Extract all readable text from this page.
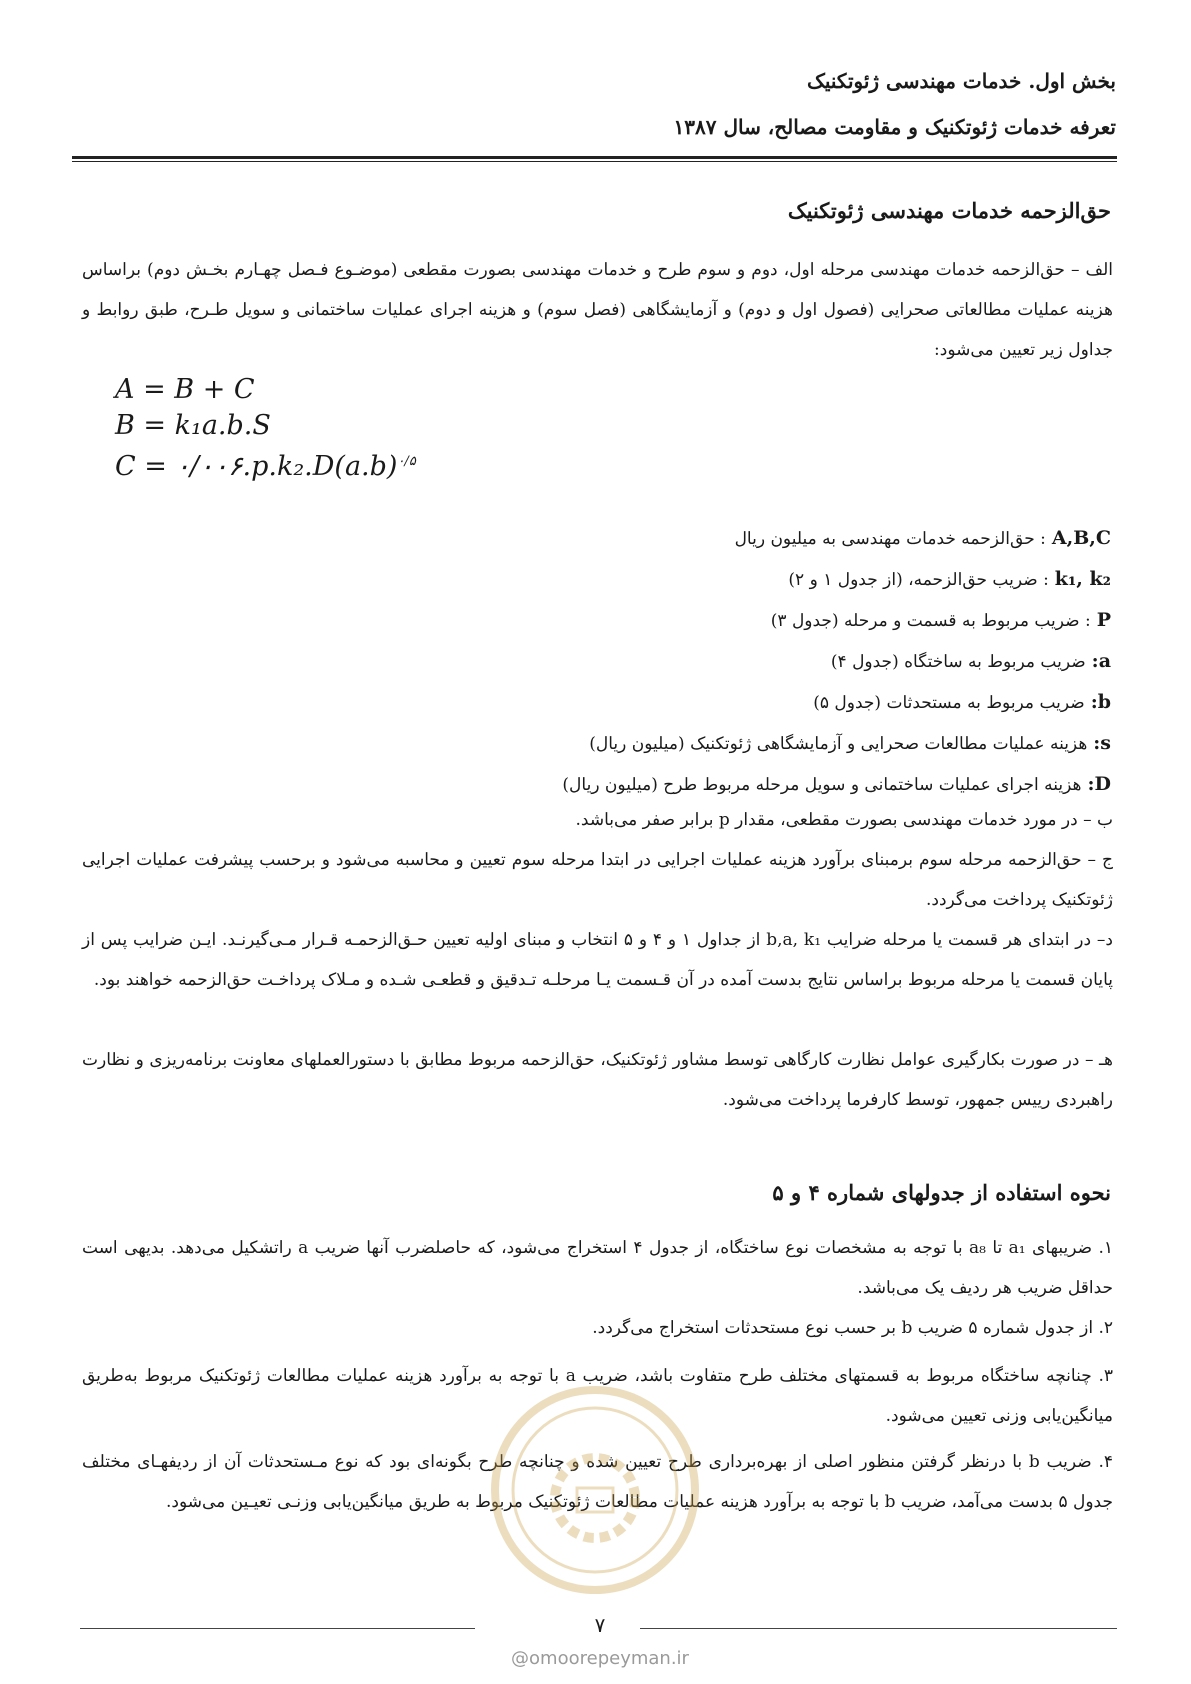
بخش اول. خدمات مهندسی ژئوتکنیک
تعرفه خدمات ژئوتکنیک و مقاومت مصالح، سال ۱۳۸۷
حق‌الزحمه خدمات مهندسی ژئوتکنیک
الف – حق‌الزحمه خدمات مهندسی مرحله اول، دوم و سوم طرح و خدمات مهندسی بصورت مقطعی (موضـوع فـصل چهـارم بخـش دوم) براساس هزینه عملیات مطالعاتی صحرایی (فصول اول و دوم) و آزمایشگاهی (فصل سوم) و هزینه اجرای عملیات ساختمانی و سویل طـرح، طبق روابط و جداول زیر تعیین می‌شود:
A = B + C
B = k₁a.b.S
$C = ۰/۰۰۶.p.k_2.D(a.b)^{۰/۵}$
A,B,C: حق‌الزحمه خدمات مهندسی به میلیون ریال
k₁, k₂: ضریب حق‌الزحمه، (از جدول ۱ و ۲)
P: ضریب مربوط به قسمت و مرحله (جدول ۳)
a:ضریب مربوط به ساختگاه (جدول ۴)
b:ضریب مربوط به مستحدثات (جدول ۵)
s:هزینه عملیات مطالعات صحرایی و آزمایشگاهی ژئوتکنیک (میلیون ریال)
D:هزینه اجرای عملیات ساختمانی و سویل مرحله مربوط طرح (میلیون ریال)
ب – در مورد خدمات مهندسی بصورت مقطعی، مقدار p برابر صفر می‌باشد.
ج – حق‌الزحمه مرحله سوم برمبنای برآورد هزینه عملیات اجرایی در ابتدا مرحله سوم تعیین و محاسبه می‌شود و برحسب پیشرفت عملیات اجرایی ژئوتکنیک پرداخت می‌گردد.
د– در ابتدای هر قسمت یا مرحله ضرایب b,a, k₁ از جداول ۱ و ۴ و ۵ انتخاب و مبنای اولیه تعیین حـق‌الزحمـه قـرار مـی‌گیرنـد. ایـن ضرایب پس از پایان قسمت یا مرحله مربوط براساس نتایج بدست آمده در آن قـسمت یـا مرحلـه تـدقیق و قطعـی شـده و مـلاک پرداخـت حق‌الزحمه خواهند بود.
هـ – در صورت بکارگیری عوامل نظارت کارگاهی توسط مشاور ژئوتکنیک، حق‌الزحمه مربوط مطابق با دستورالعملهای معاونت برنامه‌ریزی و نظارت راهبردی رییس جمهور، توسط کارفرما پرداخت می‌شود.
نحوه استفاده از جدولهای شماره ۴ و ۵
۱. ضریبهای a₁ تا a₈ با توجه به مشخصات نوع ساختگاه، از جدول ۴ استخراج می‌شود، که حاصلضرب آنها ضریب a راتشکیل می‌دهد. بدیهی است حداقل ضریب هر ردیف یک می‌باشد.
۲. از جدول شماره ۵ ضریب b بر حسب نوع مستحدثات استخراج می‌گردد.
۳. چنانچه ساختگاه مربوط به قسمتهای مختلف طرح متفاوت باشد، ضریب a با توجه به برآورد هزینه عملیات مطالعات ژئوتکنیک مربوط به‌طریق میانگین‌یابی وزنی تعیین می‌شود.
۴. ضریب b با درنظر گرفتن منظور اصلی از بهره‌برداری طرح تعیین شده و چنانچه طرح بگونه‌ای بود که نوع مـستحدثات آن از ردیفهـای مختلف جدول ۵ بدست می‌آمد، ضریب b با توجه به برآورد هزینه عملیات مطالعات ژئوتکنیک مربوط به طریق میانگین‌یابی وزنـی تعیـین می‌شود.
۷
@omoorepeyman.ir
